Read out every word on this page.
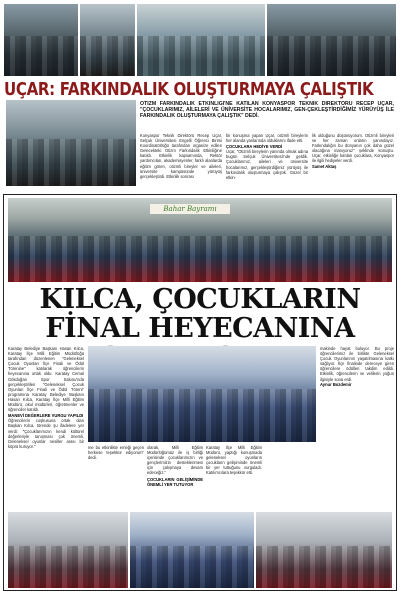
UÇAR: FARKINDALIK OLUŞTURMAYA ÇALIŞTIK
OTİZM FARKINDALIK ETKİNLİĞİ'NE KATILAN KONYASPOR TEKNİK DİREKTÖRÜ RECEP UÇAR, "ÇOCUKLARIMIZ, AİLELERİ VE ÜNİVERSİTE HOCALARIMIZ, GEN-ÇEKLEŞTİRDİĞİMİZ YÜRÜYÜŞ İLE FARKINDALIK OLUŞTURMAYA ÇALIŞTIK" DEDİ.
Konyaspor Teknik Direktörü Recep Uçar, Selçuk Üniversitesi Engelli Öğrenci Birimi Koordinatörlüğü tarafından organize edilen Gelecekteki Otizm Farkındalık Etkinliğine katıldı. Etkinlik kapsamında, Rektör yardımcıları, akademisyenler, farklı alanlarda eğitim gören, otizmli bireyler ve aileleri, üniversite kampüsünde yürüyüş gerçekleştirdi. Etkinlik sonrası
bir konuşma yapan Uçar, otizmli bireylerin her alanda yanlarında olduklarını ifade etti.
ÇOCUKLARA HEDİYE VERDİ
Uçar, "Otizmli bireylerin yanında olmak adına bugün Selçuk Üniversitesi'nde geldik. Çocuklarımız, aileleri ve üniversite hocalarımız, gerçekleştirdiğimiz yürüyüş ile farkındalık oluşturmaya çalıştık. Güzel bir etkin-
lik olduğunu düşünüyorum. Otizmli bireyleri ve her zaman onların yanındayız. Farkındalığın bu dünyanın çok daha güzel olacağına inanıyoruz" şeklinde konuştu. Uçar, etkinliğe katılan çocuklara, Konyaspor ile ilgili hediyeler verdi.
Samet Aktaş
Bahar Bayramı
KILCA, ÇOCUKLARIN FİNAL HEYECANINA
Karatay Belediye Başkanı Hasan Kılca, Karatay İlçe Milli Eğitim Müdürlüğü tarafından düzenlenen "Geleneksel Çocuk Oyunları İlçe Finali ve Ödül Törenine" katılarak öğrencilerin heyecanına ortak oldu. Karatay Cemal Gökdoğan Spor Salonu'nda gerçekleştirilen "Geleneksel Çocuk Oyunları İlçe Finali ve Ödül Töreni" programına Karatay Belediye Başkanı Hasan Kılca, Karatay İlçe Milli Eğitim Müdürü, okul müdürleri, öğretmenler ve öğrenciler katıldı.
MANEVİ DEĞERLERE VURGU YAPILDI
Öğrencilerin coşkusuna ortak olan Başkan Kılca, törende şu ifadelere yer verdi: "Çocuklarımızın kendi kültürel değerleriyle tanışması çok önemli. Geleneksel oyunlar nesiller arası bir köprü kuruyor."
makinde hayat buluyor. Bu proje öğrencilerimiz ile birlikte Geleneksel Çocuk Oyunlarının yaşatılmasına katkı sağlıyor. İlçe finalinde dereceye giren öğrencilere ödülleri takdim edildi. Etkinlik, öğrencilerin ve velilerin yoğun ilgisiyle sona erdi.
Aynur Bozdemir
me bu etkinlikte emeği geçen herkese teşekkür ediyorum" dedi.
olarak, Milli Eğitim Müdürlüğümüz ile iş birliği içerisinde çocuklarımızın ve gençlerimizin desteklenmesi için çalışmaya devam edeceğiz."
ÇOCUKLARIN GELİŞİMİNDE ÖNEMLİ YER TUTUYOR
Karatay İlçe Milli Eğitim Müdürü, yaptığı konuşmada geleneksel oyunların çocukların gelişiminde önemli bir yer tuttuğunu vurguladı. Katılımcılara teşekkür etti.
